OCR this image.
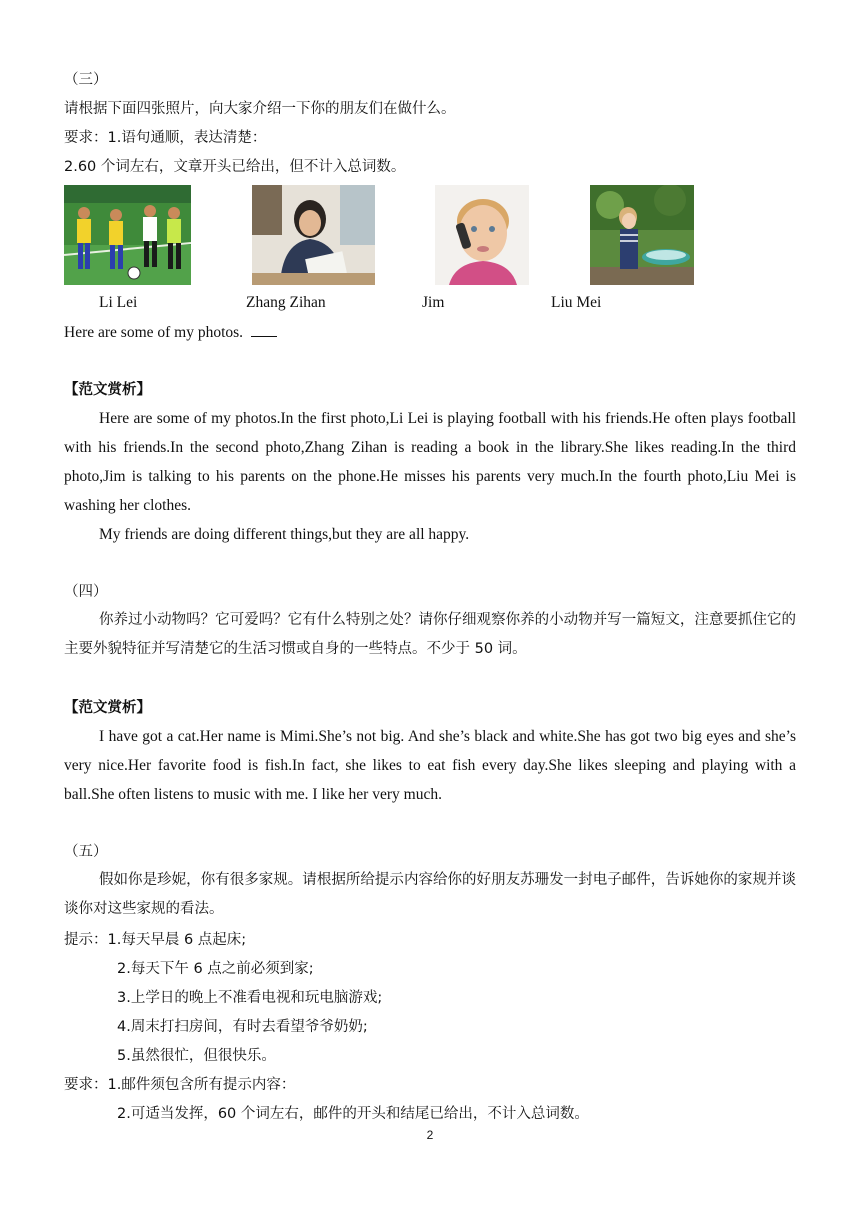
（三）
请根据下面四张照片，向大家介绍一下你的朋友们在做什么。
要求：1.语句通顺，表达清楚：
2.60 个词左右，文章开头已给出，但不计入总词数。
Li Lei	Zhang Zihan	Jim	Liu Mei
Here are some of my photos.
【范文赏析】
Here are some of my photos.In the first photo,Li Lei is playing football with his friends.He often plays football with his friends.In the second photo,Zhang Zihan is reading a book in the library.She likes reading.In the third photo,Jim is talking to his parents on the phone.He misses his parents very much.In the fourth photo,Liu Mei is washing her clothes.
My friends are doing different things,but they are all happy.
（四）
你养过小动物吗？它可爱吗？它有什么特别之处？请你仔细观察你养的小动物并写一篇短文，注意要抓住它的主要外貌特征并写清楚它的生活习惯或自身的一些特点。不少于 50 词。
【范文赏析】
I have got a cat.Her name is Mimi.She’s not big. And she’s black and white.She has got two big eyes and she’s very nice.Her favorite food is fish.In fact, she likes to eat fish every day.She likes sleeping and playing with a ball.She often listens to music with me. I like her very much.
（五）
假如你是珍妮，你有很多家规。请根据所给提示内容给你的好朋友苏珊发一封电子邮件，告诉她你的家规并谈谈你对这些家规的看法。
提示：1.每天早晨 6 点起床;
2.每天下午 6 点之前必须到家;
3.上学日的晚上不准看电视和玩电脑游戏;
4.周末打扫房间，有时去看望爷爷奶奶;
5.虽然很忙，但很快乐。
要求：1.邮件须包含所有提示内容：
2.可适当发挥，60 个词左右，邮件的开头和结尾已给出，不计入总词数。
2
